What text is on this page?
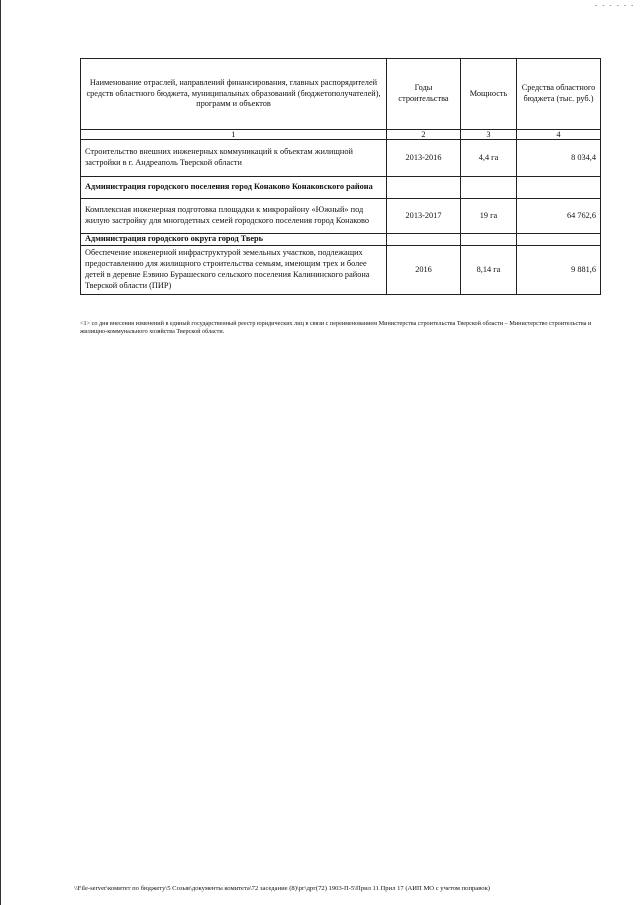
- - - - - -
Наименование отраслей, направлений финансирования, главных распорядителей средств областного бюджета, муниципальных образований (бюджетополучателей), программ и объектов	Годы строительства	Мощность	Средства областного бюджета (тыс. руб.)
1	2	3	4
Строительство внешних инженерных коммуникаций к объектам жилищной застройки в г. Андреаполь Тверской области	2013-2016	4,4 га	8 034,4
Администрация городского поселения город Конаково Конаковского района			
Комплексная инженерная подготовка площадки к микрорайону «Южный» под жилую застройку для многодетных семей городского поселения город Конаково	2013-2017	19 га	64 762,6
Администрация городского округа город Тверь			
Обеспечение инженерной инфраструктурой земельных участков, подлежащих предоставлению для жилищного строительства семьям, имеющим трех и более детей в деревне Еэвино Бурашеского сельского поселения Калининского района Тверской области (ПИР)	2016	8,14 га	9 881,6
<1> со дня внесения изменений в единый государственный реестр юридических лиц в связи с переименованием Министерства строительства Тверской области – Министерство строительства и жилищно-коммунального хозяйства Тверской области.
\\File-server\комитет по бюджету\5 Созыв\документы комитета\72 заседание (8)\рг\дрг(72) 1903-П-5\Прил 11 Прил 17 (АИП МО с учетом поправок)
